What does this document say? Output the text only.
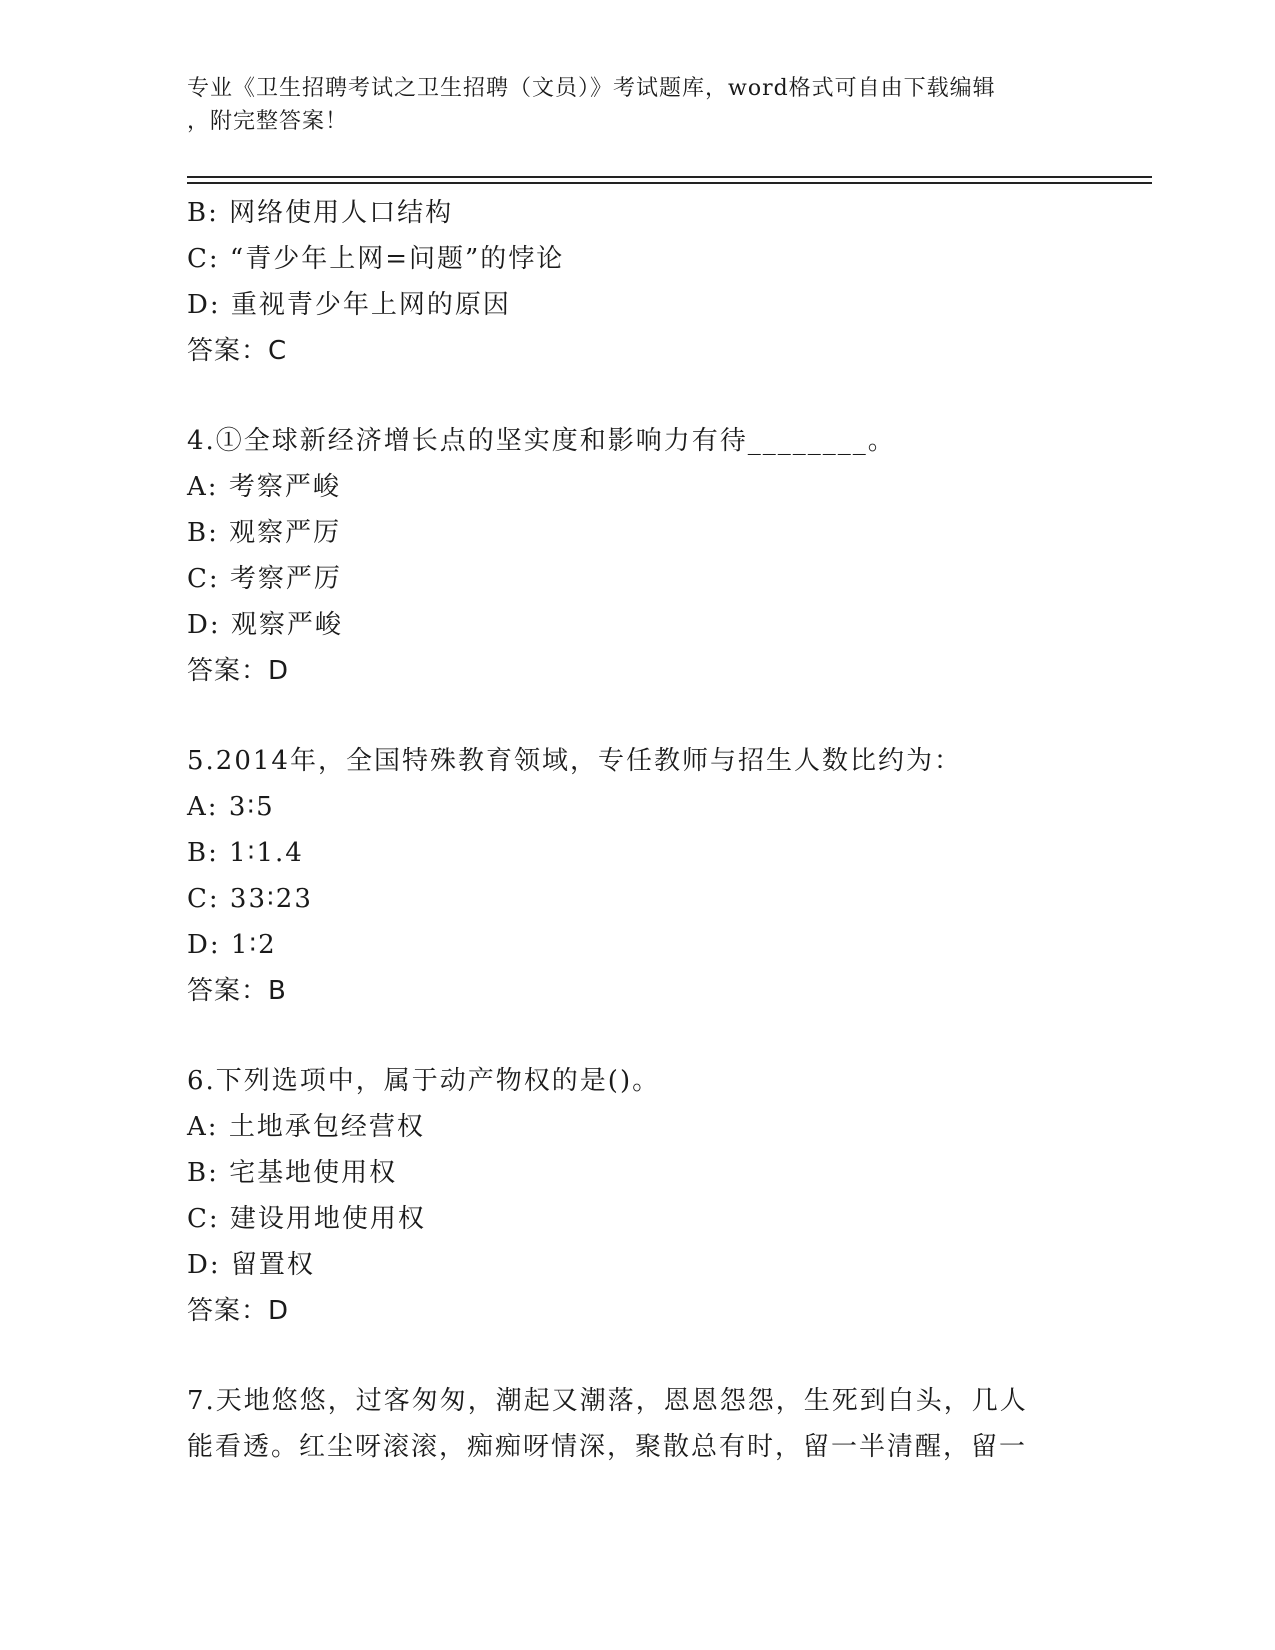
专业《卫生招聘考试之卫生招聘（文员）》考试题库，word格式可自由下载编辑
，附完整答案！
B: 网络使用人口结构
C: “青少年上网=问题”的悖论
D: 重视青少年上网的原因
答案：C
4.①全球新经济增长点的坚实度和影响力有待________。
A: 考察严峻
B: 观察严厉
C: 考察严厉
D: 观察严峻
答案：D
5.2014年，全国特殊教育领域，专任教师与招生人数比约为：
A: 3∶5
B: 1∶1.4
C: 33∶23
D: 1∶2
答案：B
6.下列选项中，属于动产物权的是()。
A: 土地承包经营权
B: 宅基地使用权
C: 建设用地使用权
D: 留置权
答案：D
7.天地悠悠，过客匆匆，潮起又潮落，恩恩怨怨，生死到白头，几人
能看透。红尘呀滚滚，痴痴呀情深，聚散总有时，留一半清醒，留一
